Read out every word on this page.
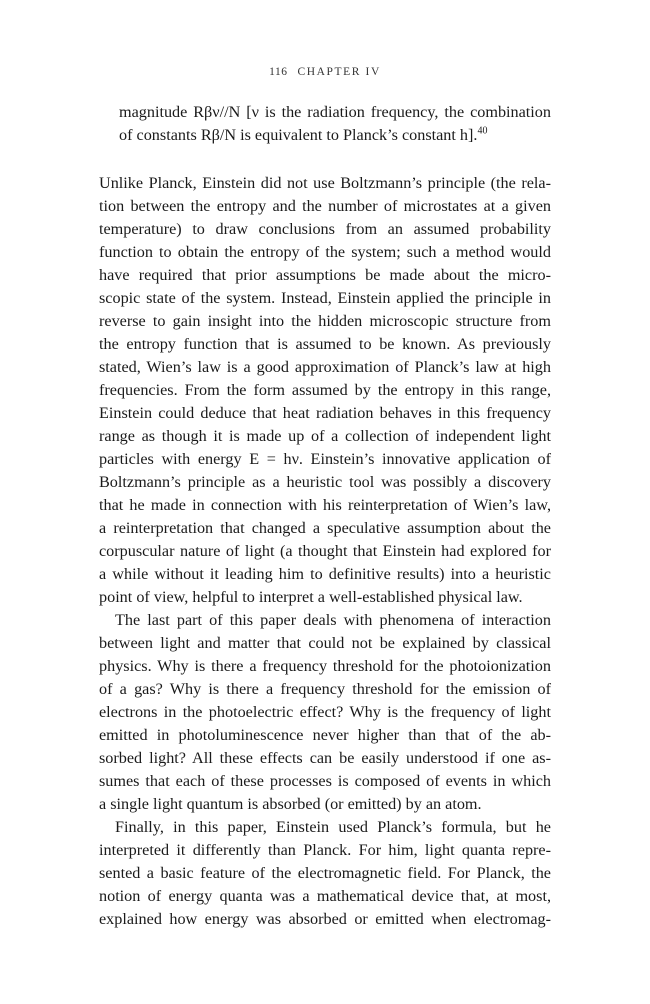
116 CHAPTER IV
magnitude Rβν//N [ν is the radiation frequency, the combination
of constants Rβ/N is equivalent to Planck’s constant h].$^{40}$
Unlike Planck, Einstein did not use Boltzmann’s principle (the rela-
tion between the entropy and the number of microstates at a given
temperature) to draw conclusions from an assumed probability
function to obtain the entropy of the system; such a method would
have required that prior assumptions be made about the micro-
scopic state of the system. Instead, Einstein applied the principle in
reverse to gain insight into the hidden microscopic structure from
the entropy function that is assumed to be known. As previously
stated, Wien’s law is a good approximation of Planck’s law at high
frequencies. From the form assumed by the entropy in this range,
Einstein could deduce that heat radiation behaves in this frequency
range as though it is made up of a collection of independent light
particles with energy E = hν. Einstein’s innovative application of
Boltzmann’s principle as a heuristic tool was possibly a discovery
that he made in connection with his reinterpretation of Wien’s law,
a reinterpretation that changed a speculative assumption about the
corpuscular nature of light (a thought that Einstein had explored for
a while without it leading him to definitive results) into a heuristic
point of view, helpful to interpret a well-established physical law.
The last part of this paper deals with phenomena of interaction
between light and matter that could not be explained by classical
physics. Why is there a frequency threshold for the photoionization
of a gas? Why is there a frequency threshold for the emission of
electrons in the photoelectric effect? Why is the frequency of light
emitted in photoluminescence never higher than that of the ab-
sorbed light? All these effects can be easily understood if one as-
sumes that each of these processes is composed of events in which
a single light quantum is absorbed (or emitted) by an atom.
Finally, in this paper, Einstein used Planck’s formula, but he
interpreted it differently than Planck. For him, light quanta repre-
sented a basic feature of the electromagnetic field. For Planck, the
notion of energy quanta was a mathematical device that, at most,
explained how energy was absorbed or emitted when electromag-
